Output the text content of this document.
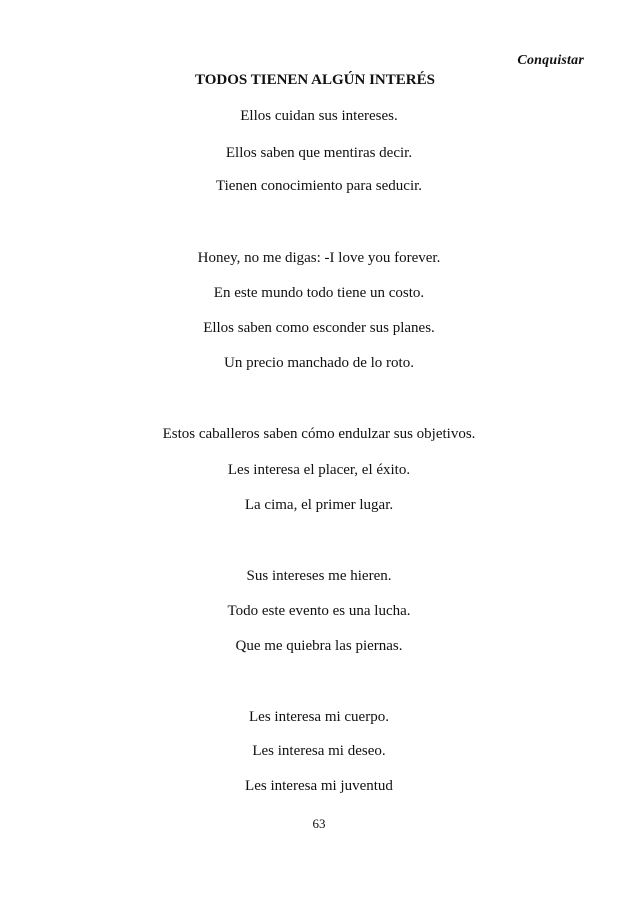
Conquistar
TODOS TIENEN ALGÚN INTERÉS
Ellos cuidan sus intereses.
Ellos saben que mentiras decir.
Tienen conocimiento para seducir.
Honey, no me digas: -I love you forever.
En este mundo todo tiene un costo.
Ellos saben como esconder sus planes.
Un precio manchado de lo roto.
Estos caballeros saben cómo endulzar sus objetivos.
Les interesa el placer, el éxito.
La cima, el primer lugar.
Sus intereses me hieren.
Todo este evento es una lucha.
Que me quiebra las piernas.
Les interesa mi cuerpo.
Les interesa mi deseo.
Les interesa mi juventud
63
